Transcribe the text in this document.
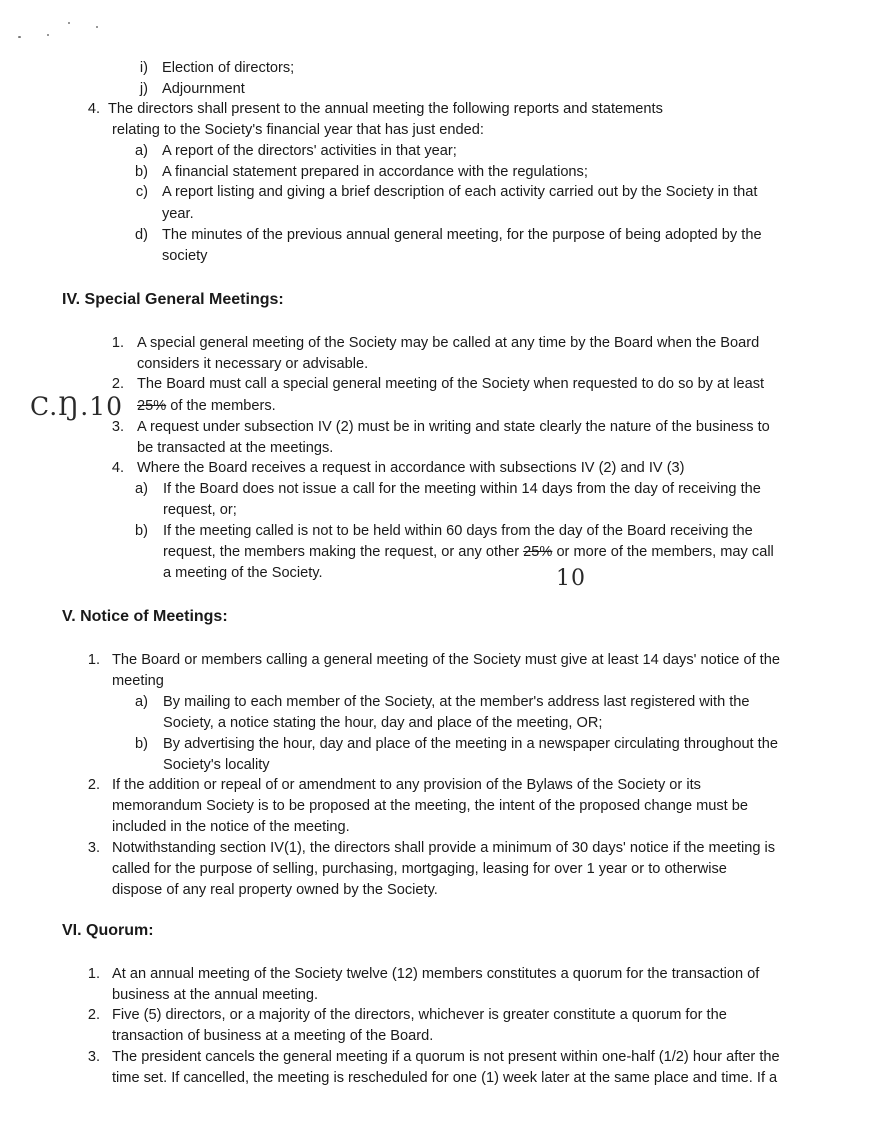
i) Election of directors;
j) Adjournment
4. The directors shall present to the annual meeting the following reports and statements
relating to the Society's financial year that has just ended:
a) A report of the directors' activities in that year;
b) A financial statement prepared in accordance with the regulations;
c) A report listing and giving a brief description of each activity carried out by the Society in that
year.
d) The minutes of the previous annual general meeting, for the purpose of being adopted by the
society
IV. Special General Meetings:
1. A special general meeting of the Society may be called at any time by the Board when the Board
considers it necessary or advisable.
2. The Board must call a special general meeting of the Society when requested to do so by at least
25% of the members.
3. A request under subsection IV (2) must be in writing and state clearly the nature of the business to
be transacted at the meetings.
4. Where the Board receives a request in accordance with subsections IV (2) and IV (3)
a) If the Board does not issue a call for the meeting within 14 days from the day of receiving the
request, or;
b) If the meeting called is not to be held within 60 days from the day of the Board receiving the
request, the members making the request, or any other 25% or more of the members, may call
a meeting of the Society.
C.Ŋ.10
10
V. Notice of Meetings:
1. The Board or members calling a general meeting of the Society must give at least 14 days' notice of the
meeting
a) By mailing to each member of the Society, at the member's address last registered with the
Society, a notice stating the hour, day and place of the meeting, OR;
b) By advertising the hour, day and place of the meeting in a newspaper circulating throughout the
Society's locality
2. If the addition or repeal of or amendment to any provision of the Bylaws of the Society or its
memorandum Society is to be proposed at the meeting, the intent of the proposed change must be
included in the notice of the meeting.
3. Notwithstanding section IV(1), the directors shall provide a minimum of 30 days' notice if the meeting is
called for the purpose of selling, purchasing, mortgaging, leasing for over 1 year or to otherwise
dispose of any real property owned by the Society.
VI. Quorum:
1. At an annual meeting of the Society twelve (12) members constitutes a quorum for the transaction of
business at the annual meeting.
2. Five (5) directors, or a majority of the directors, whichever is greater constitute a quorum for the
transaction of business at a meeting of the Board.
3. The president cancels the general meeting if a quorum is not present within one-half (1/2) hour after the
time set. If cancelled, the meeting is rescheduled for one (1) week later at the same place and time. If a
